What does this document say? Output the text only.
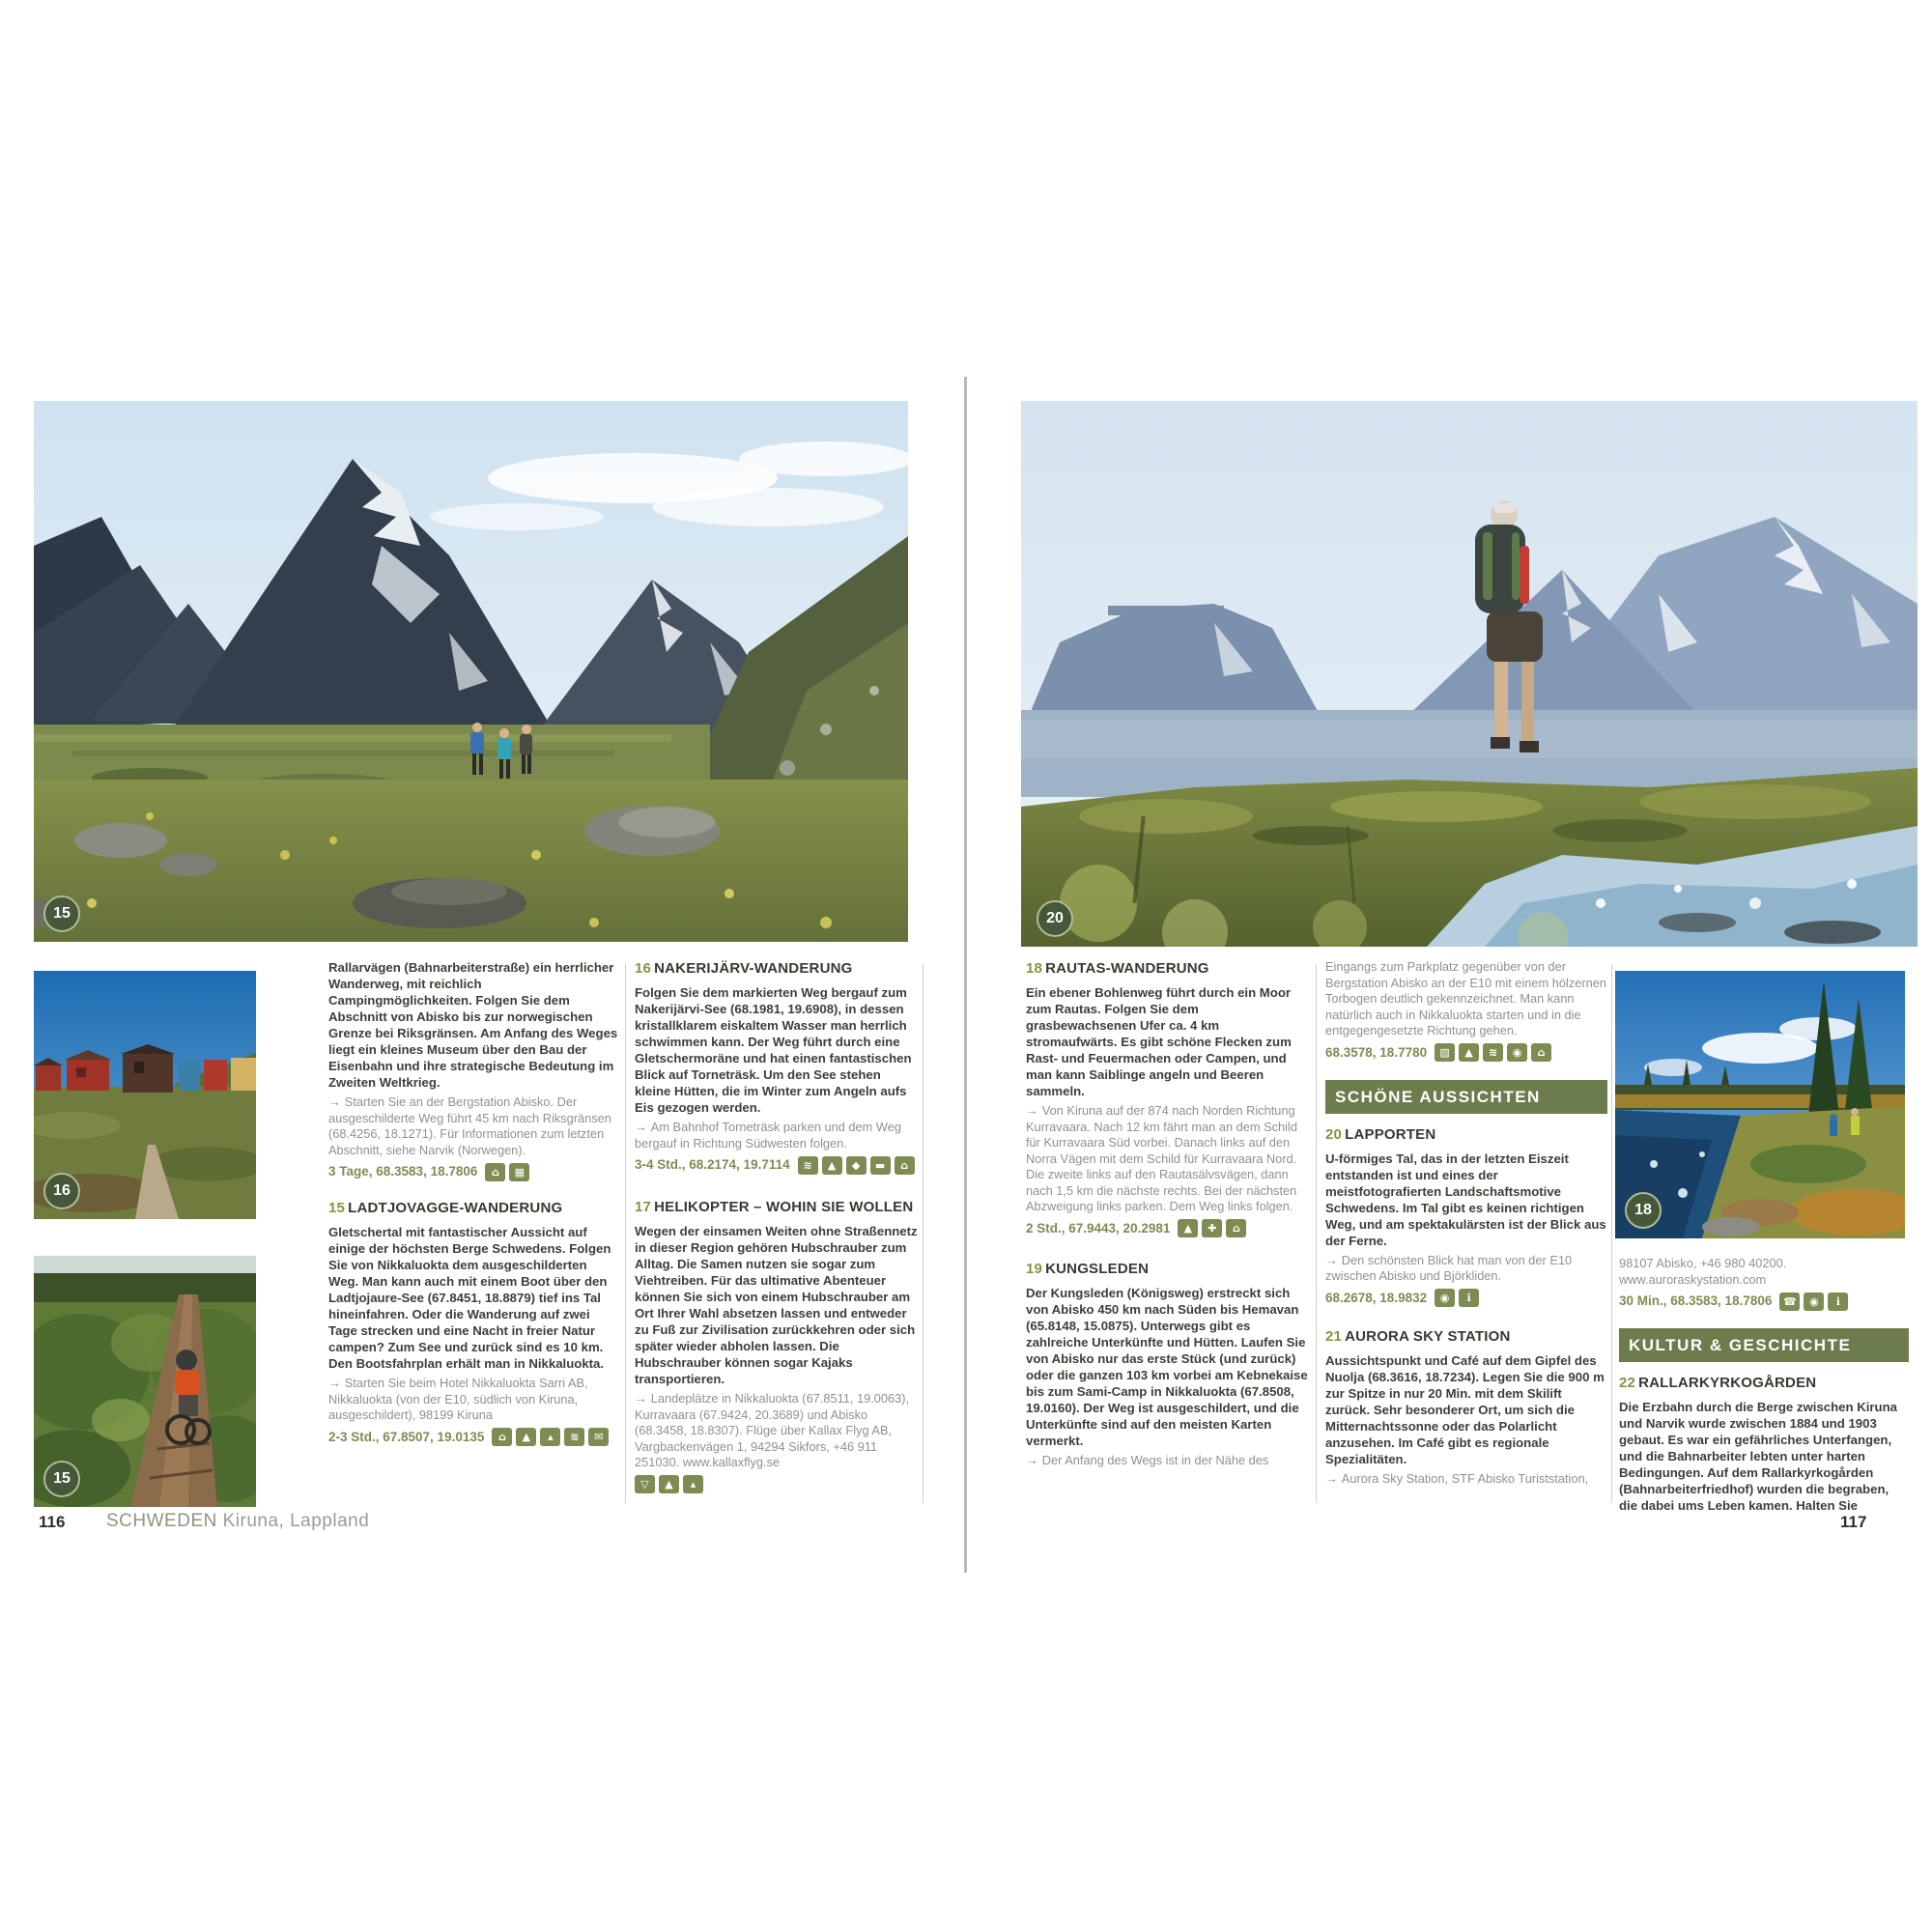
15	20
16
15
18

Rallarvägen (Bahnarbeiterstraße) ein herrlicher Wanderweg, mit reichlich Campingmöglichkeiten. Folgen Sie dem Abschnitt von Abisko bis zur norwegischen Grenze bei Riksgränsen. Am Anfang des Weges liegt ein kleines Museum über den Bau der Eisenbahn und ihre strategische Bedeutung im Zweiten Weltkrieg.

→ Starten Sie an der Bergstation Abisko. Der ausgeschilderte Weg führt 45 km nach Riksgränsen (68.4256, 18.1271). Für Informationen zum letzten Abschnitt, siehe Narvik (Norwegen).

3 Tage, 68.3583, 18.7806	⌂	▦

15 LADTJOVAGGE-WANDERUNG

Gletschertal mit fantastischer Aussicht auf einige der höchsten Berge Schwedens. Folgen Sie von Nikkaluokta dem ausgeschilderten Weg. Man kann auch mit einem Boot über den Ladtjojaure-See (67.8451, 18.8879) tief ins Tal hineinfahren. Oder die Wanderung auf zwei Tage strecken und eine Nacht in freier Natur campen? Zum See und zurück sind es 10 km. Den Bootsfahrplan erhält man in Nikkaluokta.

→ Starten Sie beim Hotel Nikkaluokta Sarri AB, Nikkaluokta (von der E10, südlich von Kiruna, ausgeschildert), 98199 Kiruna

2-3 Std., 67.8507, 19.0135	⌂	▲	▴	≋	✉

16 NAKERIJÄRV-WANDERUNG

Folgen Sie dem markierten Weg bergauf zum Nakerijärvi-See (68.1981, 19.6908), in dessen kristallklarem eiskaltem Wasser man herrlich schwimmen kann. Der Weg führt durch eine Gletschermoräne und hat einen fantastischen Blick auf Torneträsk. Um den See stehen kleine Hütten, die im Winter zum Angeln aufs Eis gezogen werden.

→ Am Bahnhof Torneträsk parken und dem Weg bergauf in Richtung Südwesten folgen.

3-4 Std., 68.2174, 19.7114	≋	▲	◆	▬	⌂

17 HELIKOPTER – WOHIN SIE WOLLEN

Wegen der einsamen Weiten ohne Straßennetz in dieser Region gehören Hubschrauber zum Alltag. Die Samen nutzen sie sogar zum Viehtreiben. Für das ultimative Abenteuer können Sie sich von einem Hubschrauber am Ort Ihrer Wahl absetzen lassen und entweder zu Fuß zur Zivilisation zurückkehren oder sich später wieder abholen lassen. Die Hubschrauber können sogar Kajaks transportieren.

→ Landeplätze in Nikkaluokta (67.8511, 19.0063), Kurravaara (67.9424, 20.3689) und Abisko (68.3458, 18.8307). Flüge über Kallax Flyg AB, Vargbackenvägen 1, 94294 Sikfors, +46 911 251030. www.kallaxflyg.se

▽	▲	▴

18 RAUTAS-WANDERUNG

Ein ebener Bohlenweg führt durch ein Moor zum Rautas. Folgen Sie dem grasbewachsenen Ufer ca. 4 km stromaufwärts. Es gibt schöne Flecken zum Rast- und Feuermachen oder Campen, und man kann Saiblinge angeln und Beeren sammeln.

→ Von Kiruna auf der 874 nach Norden Richtung Kurravaara. Nach 12 km fährt man an dem Schild für Kurravaara Süd vorbei. Danach links auf den Norra Vägen mit dem Schild für Kurravaara Nord. Die zweite links auf den Rautasälvsvägen, dann nach 1,5 km die nächste rechts. Bei der nächsten Abzweigung links parken. Dem Weg links folgen.

2 Std., 67.9443, 20.2981	▲	✚	⌂

19 KUNGSLEDEN

Der Kungsleden (Königsweg) erstreckt sich von Abisko 450 km nach Süden bis Hemavan (65.8148, 15.0875). Unterwegs gibt es zahlreiche Unterkünfte und Hütten. Laufen Sie von Abisko nur das erste Stück (und zurück) oder die ganzen 103 km vorbei am Kebnekaise bis zum Sami-Camp in Nikkaluokta (67.8508, 19.0160). Der Weg ist ausgeschildert, und die Unterkünfte sind auf den meisten Karten vermerkt.

→ Der Anfang des Wegs ist in der Nähe des

Eingangs zum Parkplatz gegenüber von der Bergstation Abisko an der E10 mit einem hölzernen Torbogen deutlich gekennzeichnet. Man kann natürlich auch in Nikkaluokta starten und in die entgegengesetzte Richtung gehen.

68.3578, 18.7780	▨	▲	≋	◉	⌂

SCHÖNE AUSSICHTEN
20 LAPPORTEN

U-förmiges Tal, das in der letzten Eiszeit entstanden ist und eines der meistfotografierten Landschaftsmotive Schwedens. Im Tal gibt es keinen richtigen Weg, und am spektakulärsten ist der Blick aus der Ferne.

→ Den schönsten Blick hat man von der E10 zwischen Abisko und Björkliden.

68.2678, 18.9832	◉	ℹ

21 AURORA SKY STATION

Aussichtspunkt und Café auf dem Gipfel des Nuolja (68.3616, 18.7234). Legen Sie die 900 m zur Spitze in nur 20 Min. mit dem Skilift zurück. Sehr besonderer Ort, um sich die Mitternachtssonne oder das Polarlicht anzusehen. Im Café gibt es regionale Spezialitäten.

→ Aurora Sky Station, STF Abisko Turiststation,

98107 Abisko, +46 980 40200. www.auroraskystation.com

30 Min., 68.3583, 18.7806	☎	◉	ℹ

KULTUR & GESCHICHTE
22 RALLARKYRKOGÅRDEN

Die Erzbahn durch die Berge zwischen Kiruna und Narvik wurde zwischen 1884 und 1903 gebaut. Es war ein gefährliches Unterfangen, und die Bahnarbeiter lebten unter harten Bedingungen. Auf dem Rallarkyrkogården (Bahnarbeiterfriedhof) wurden die begraben, die dabei ums Leben kamen. Halten Sie

116 SCHWEDEN Kiruna, Lappland	117
